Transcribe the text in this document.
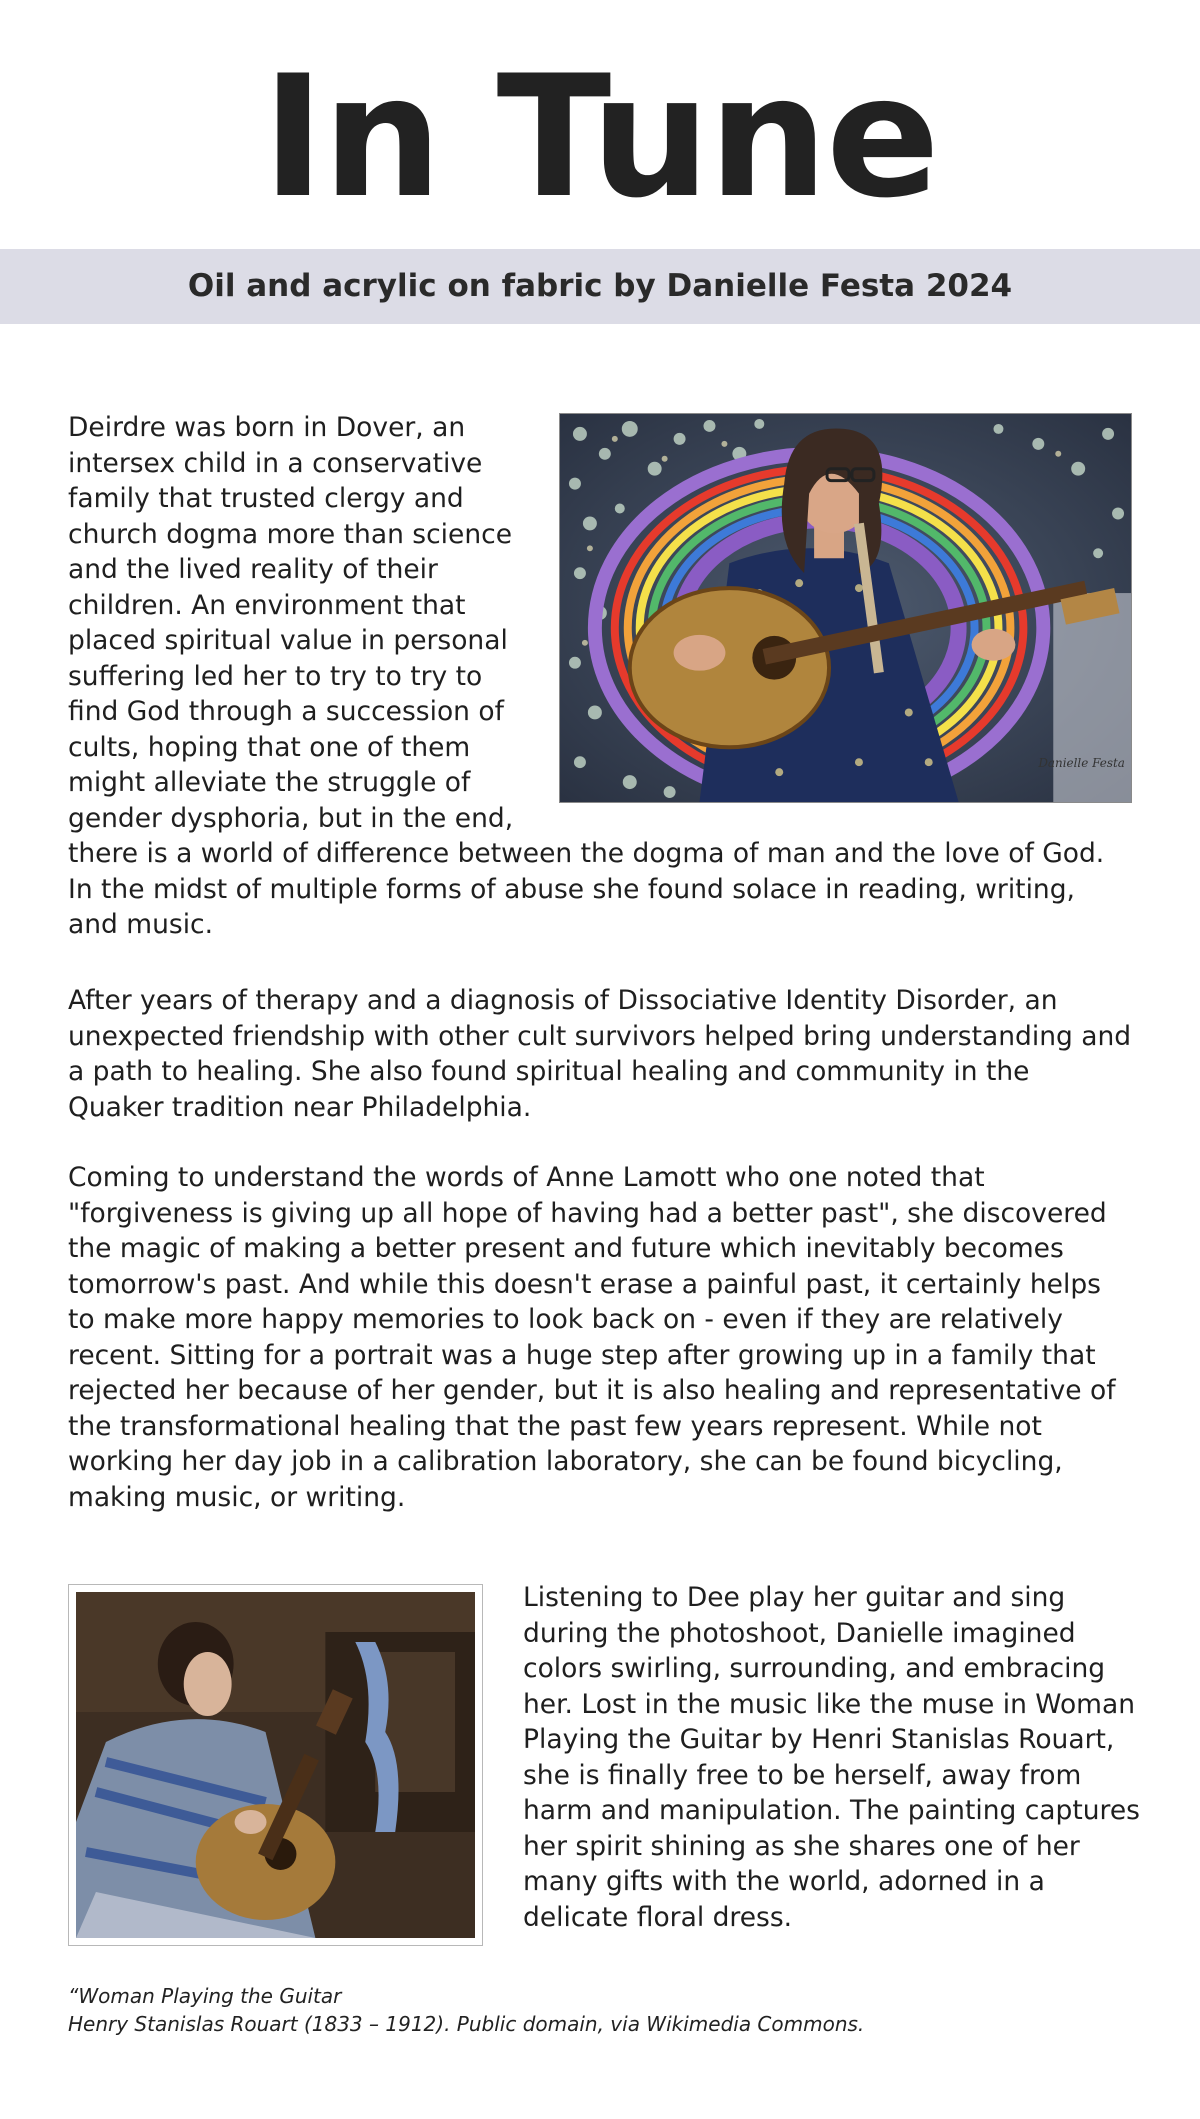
In Tune
Oil and acrylic on fabric by Danielle Festa 2024
Danielle Festa

Deirdre was born in Dover, an intersex child in a conservative family that trusted clergy and church dogma more than science and the lived reality of their children. An environment that placed spiritual value in personal suffering led her to try to try to find God through a succession of cults, hoping that one of them might alleviate the struggle of gender dysphoria, but in the end, there is a world of difference between the dogma of man and the love of God. In the midst of multiple forms of abuse she found solace in reading, writing, and music.

After years of therapy and a diagnosis of Dissociative Identity Disorder, an unexpected friendship with other cult survivors helped bring understanding and a path to healing. She also found spiritual healing and community in the Quaker tradition near Philadelphia.

Coming to understand the words of Anne Lamott who one noted that "forgiveness is giving up all hope of having had a better past", she discovered the magic of making a better present and future which inevitably becomes tomorrow's past. And while this doesn't erase a painful past, it certainly helps to make more happy memories to look back on - even if they are relatively recent. Sitting for a portrait was a huge step after growing up in a family that rejected her because of her gender, but it is also healing and representative of the transformational healing that the past few years represent. While not working her day job in a calibration laboratory, she can be found bicycling, making music, or writing.

Listening to Dee play her guitar and sing during the photoshoot, Danielle imagined colors swirling, surrounding, and embracing her. Lost in the music like the muse in Woman Playing the Guitar by Henri Stanislas Rouart, she is finally free to be herself, away from harm and manipulation. The painting captures her spirit shining as she shares one of her many gifts with the world, adorned in a delicate floral dress.

“Woman Playing the Guitar
Henry Stanislas Rouart (1833 – 1912). Public domain, via Wikimedia Commons.
